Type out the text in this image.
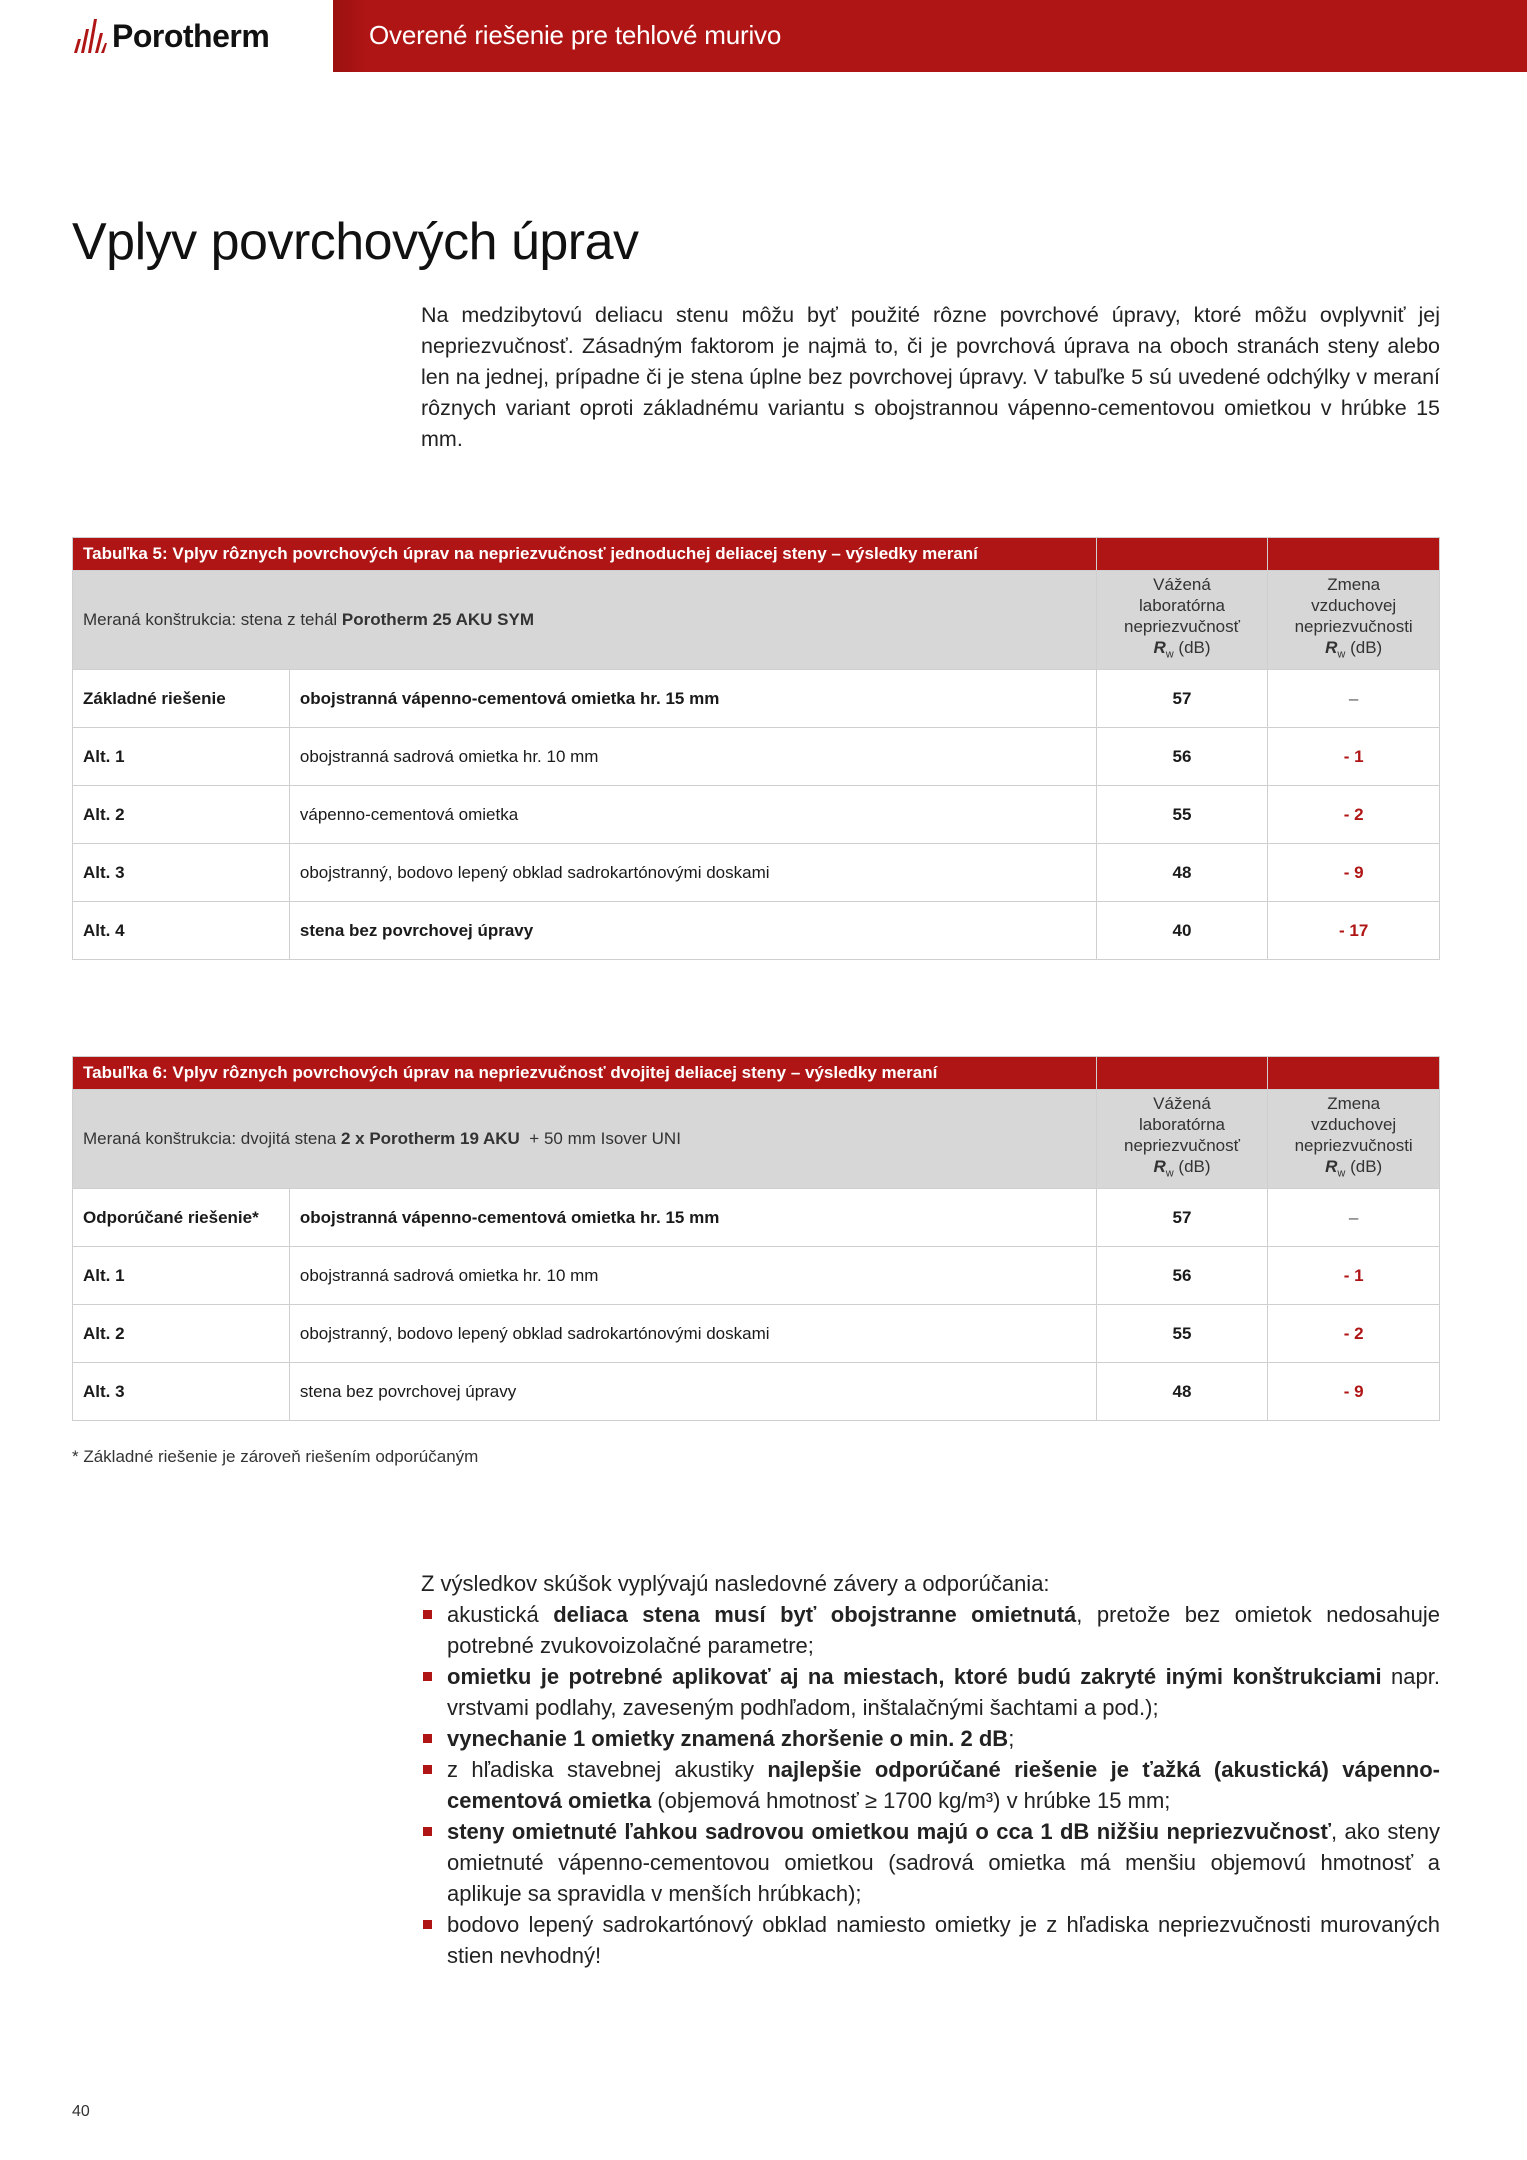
Porotherm	Overené riešenie pre tehlové murivo
Vplyv povrchových úprav

Na medzibytovú deliacu stenu môžu byť použité rôzne povrchové úpravy, ktoré môžu ovplyvniť jej nepriezvučnosť. Zásadným faktorom je najmä to, či je povrchová úprava na oboch stranách steny alebo len na jednej, prípadne či je stena úplne bez povrchovej úpravy. V tabuľke 5 sú uvedené odchýlky v meraní rôznych variant oproti základnému variantu s obojstrannou vápenno-cementovou omietkou v hrúbke 15 mm.

Tabuľka 5: Vplyv rôznych povrchových úprav na nepriezvučnosť jednoduchej deliacej steny – výsledky meraní			
Meraná konštrukcia: stena z tehál Porotherm 25 AKU SYM		Vážená
laboratórna
nepriezvučnosť
$R_w$ (dB)	Zmena
vzduchovej
nepriezvučnosti
$R_w$ (dB)
Základné riešenie	obojstranná vápenno-cementová omietka hr. 15 mm	57	–
Alt. 1	obojstranná sadrová omietka hr. 10 mm	56	- 1
Alt. 2	vápenno-cementová omietka	55	- 2
Alt. 3	obojstranný, bodovo lepený obklad sadrokartónovými doskami	48	- 9
Alt. 4	stena bez povrchovej úpravy	40	- 17
Tabuľka 6: Vplyv rôznych povrchových úprav na nepriezvučnosť dvojitej deliacej steny – výsledky meraní			
Meraná konštrukcia: dvojitá stena 2 x Porotherm 19 AKU  + 50 mm Isover UNI		Vážená
laboratórna
nepriezvučnosť
$R_w$ (dB)	Zmena
vzduchovej
nepriezvučnosti
$R_w$ (dB)
Odporúčané riešenie*	obojstranná vápenno-cementová omietka hr. 15 mm	57	–
Alt. 1	obojstranná sadrová omietka hr. 10 mm	56	- 1
Alt. 2	obojstranný, bodovo lepený obklad sadrokartónovými doskami	55	- 2
Alt. 3	stena bez povrchovej úpravy	48	- 9
* Základné riešenie je zároveň riešením odporúčaným
Z výsledkov skúšok vyplývajú nasledovné závery a odporúčania:
akustická deliaca stena musí byť obojstranne omietnutá, pretože bez omietok nedosahuje potrebné zvukovoizolačné parametre;
omietku je potrebné aplikovať aj na miestach, ktoré budú zakryté inými konštrukciami napr. vrstvami podlahy, zaveseným podhľadom, inštalačnými šachtami a pod.);
vynechanie 1 omietky znamená zhoršenie o min. 2 dB;
z hľadiska stavebnej akustiky najlepšie odporúčané riešenie je ťažká (akustická) vápenno-cementová omietka (objemová hmotnosť ≥ 1700 kg/m³) v hrúbke 15 mm;
steny omietnuté ľahkou sadrovou omietkou majú o cca 1 dB nižšiu nepriezvučnosť, ako steny omietnuté vápenno-cementovou omietkou (sadrová omietka má menšiu objemovú hmotnosť a aplikuje sa spravidla v menších hrúbkach);
bodovo lepený sadrokartónový obklad namiesto omietky je z hľadiska nepriezvučnosti murovaných stien nevhodný!
40
